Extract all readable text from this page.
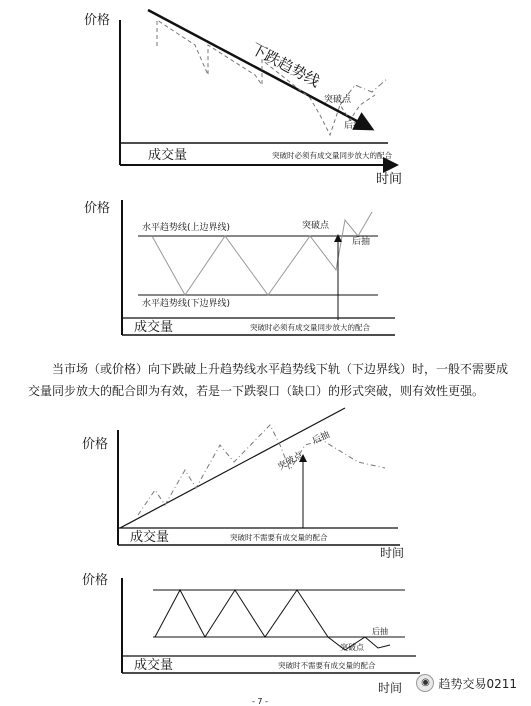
价格
时间
下跌趋势线
突破点
后抽
成交量	突破时必须有成交量同步放大的配合
价格
水平趋势线(上边界线)
水平趋势线(下边界线)
突破点
后抽
成交量	突破时必须有成交量同步放大的配合
价格
时间
突破点
后抽
成交量	突破时不需要有成交量的配合
价格
时间
突破点
后抽
成交量	突破时不需要有成交量的配合
- 7 -
当市场（或价格）向下跌破上升趋势线水平趋势线下轨（下边界线）时，一般不需要成交量同步放大的配合即为有效，若是一下跌裂口（缺口）的形式突破，则有效性更强。
◉ 趋势交易0211
